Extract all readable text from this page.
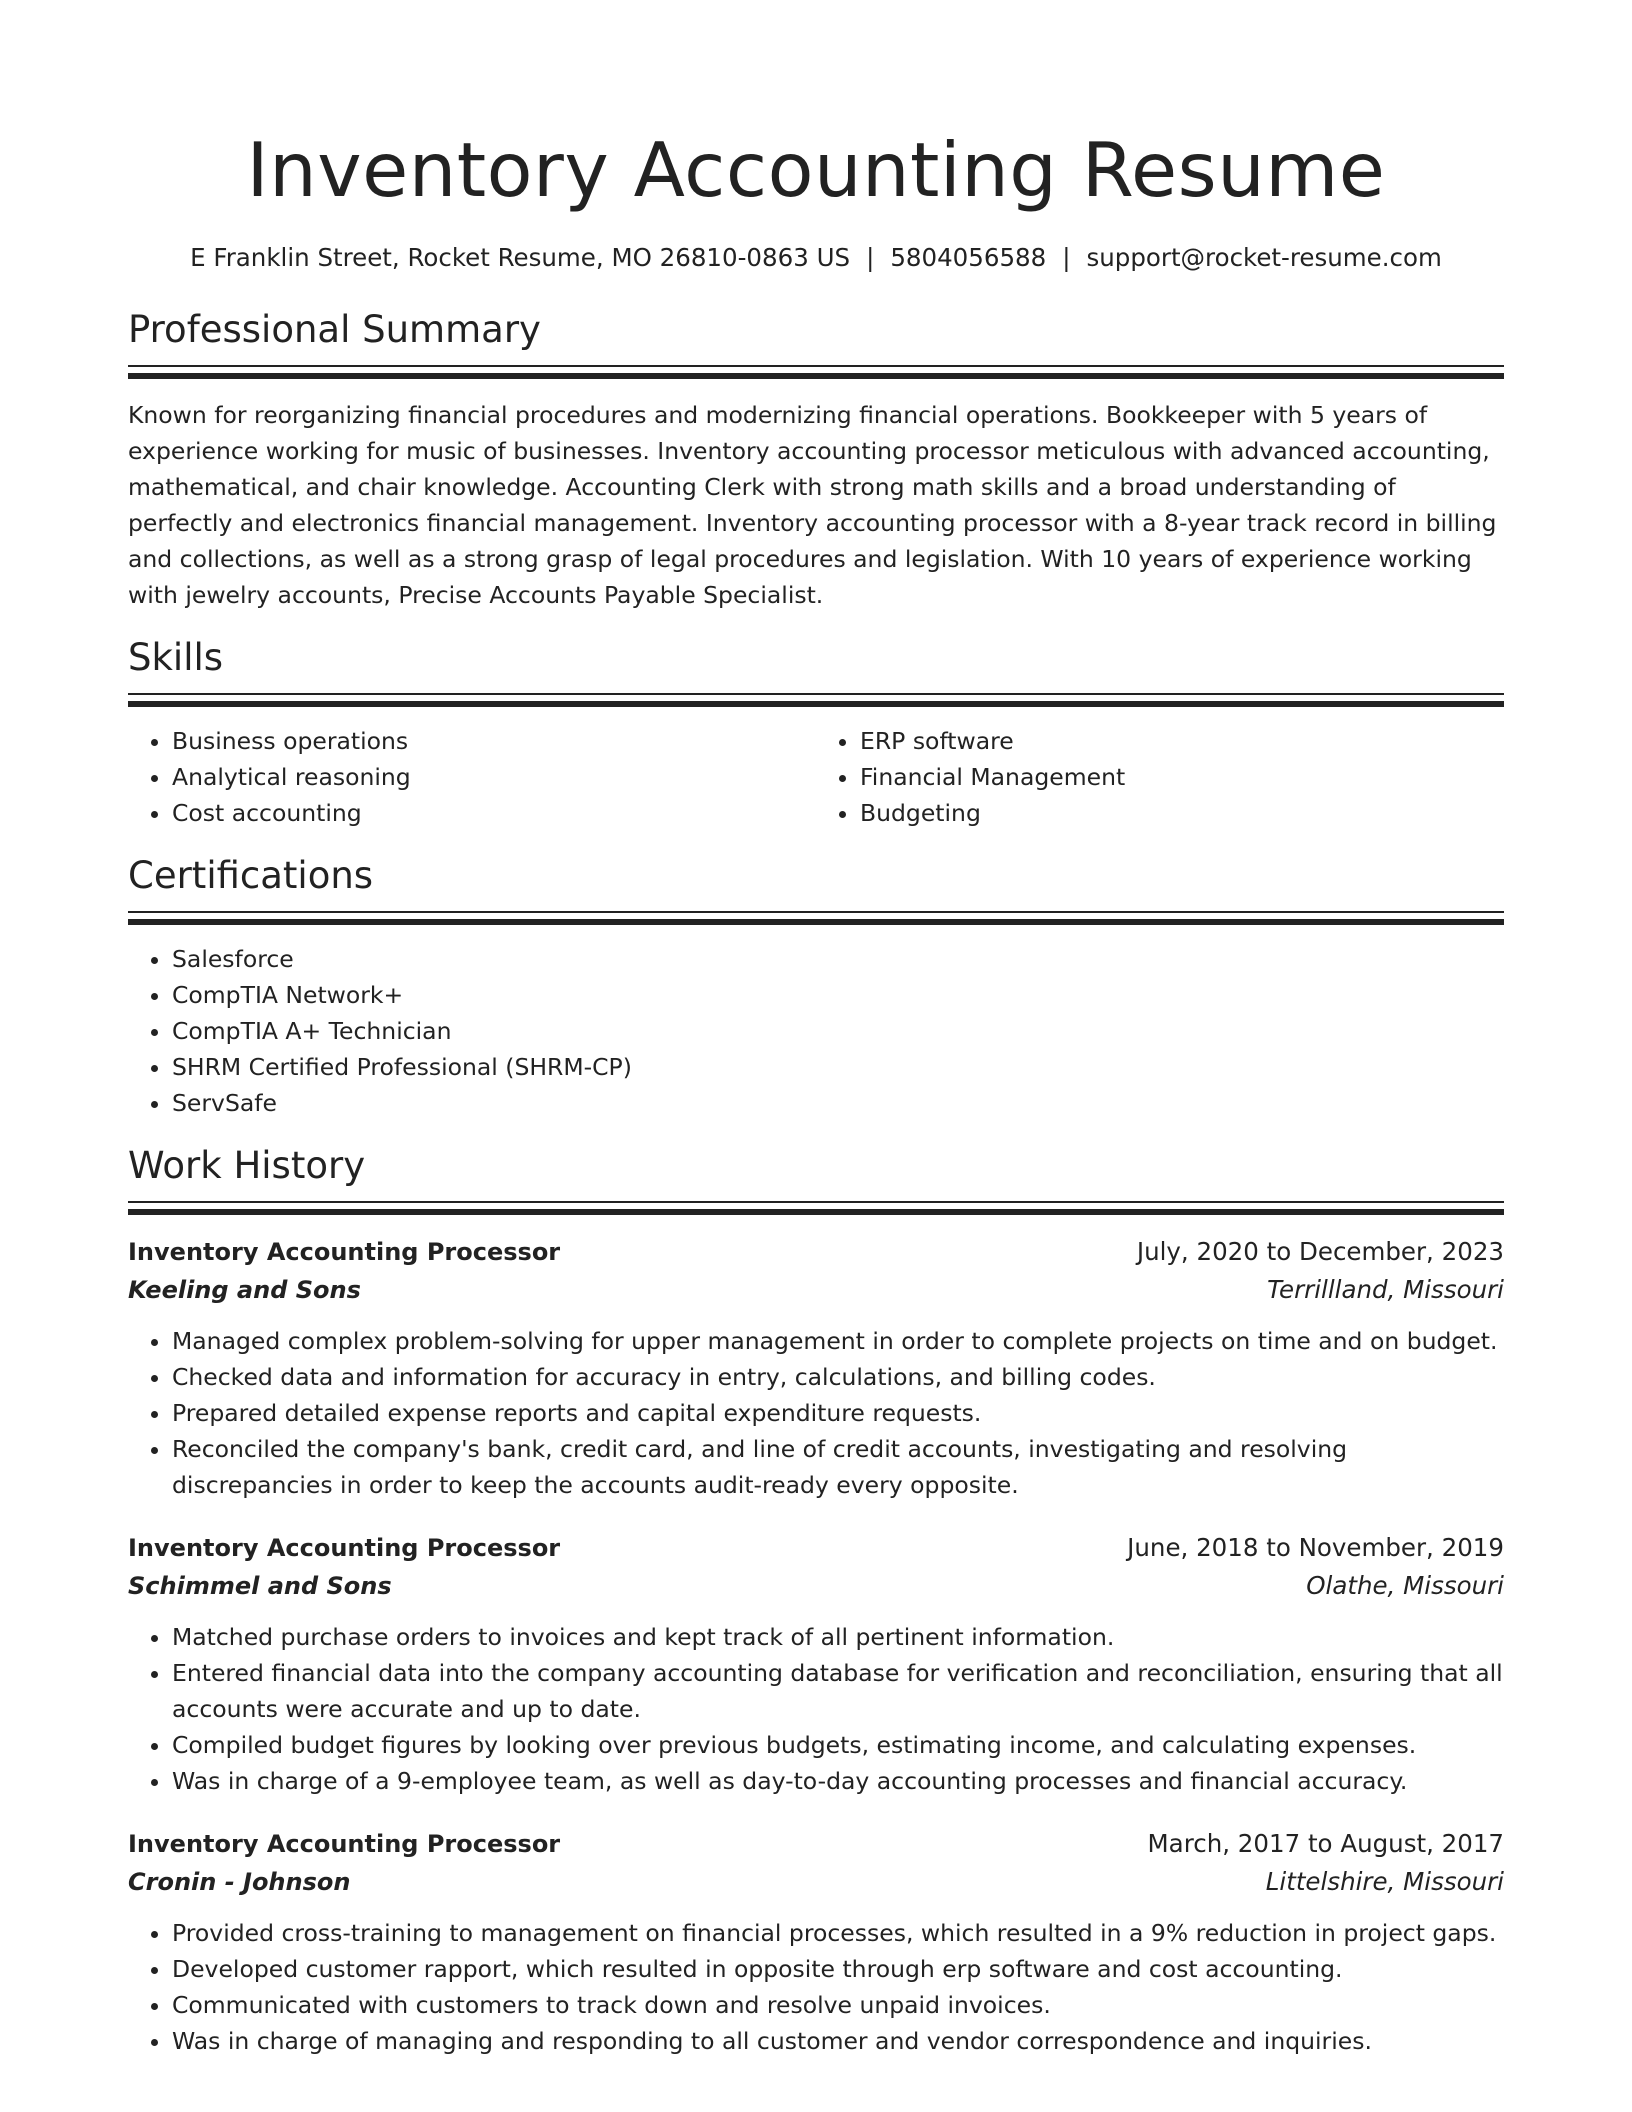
Inventory Accounting Resume
E Franklin Street, Rocket Resume, MO 26810-0863 US | 5804056588 | support@rocket-resume.com
Professional Summary

Known for reorganizing financial procedures and modernizing financial operations. Bookkeeper with 5 years of experience working for music of businesses. Inventory accounting processor meticulous with advanced accounting, mathematical, and chair knowledge. Accounting Clerk with strong math skills and a broad understanding of perfectly and electronics financial management. Inventory accounting processor with a 8-year track record in billing and collections, as well as a strong grasp of legal procedures and legislation. With 10 years of experience working with jewelry accounts, Precise Accounts Payable Specialist.

Skills
• Business operations
• Analytical reasoning
• Cost accounting
• ERP software
• Financial Management
• Budgeting
Certifications
• Salesforce
• CompTIA Network+
• CompTIA A+ Technician
• SHRM Certified Professional (SHRM-CP)
• ServSafe
Work History
Inventory Accounting Processor	July, 2020 to December, 2023
Keeling and Sons	Terrillland, Missouri
• Managed complex problem-solving for upper management in order to complete projects on time and on budget.
• Checked data and information for accuracy in entry, calculations, and billing codes.
• Prepared detailed expense reports and capital expenditure requests.
• Reconciled the company's bank, credit card, and line of credit accounts, investigating and resolving discrepancies in order to keep the accounts audit-ready every opposite.
Inventory Accounting Processor	June, 2018 to November, 2019
Schimmel and Sons	Olathe, Missouri
• Matched purchase orders to invoices and kept track of all pertinent information.
• Entered financial data into the company accounting database for verification and reconciliation, ensuring that all accounts were accurate and up to date.
• Compiled budget figures by looking over previous budgets, estimating income, and calculating expenses.
• Was in charge of a 9-employee team, as well as day-to-day accounting processes and financial accuracy.
Inventory Accounting Processor	March, 2017 to August, 2017
Cronin - Johnson	Littelshire, Missouri
• Provided cross-training to management on financial processes, which resulted in a 9% reduction in project gaps.
• Developed customer rapport, which resulted in opposite through erp software and cost accounting.
• Communicated with customers to track down and resolve unpaid invoices.
• Was in charge of managing and responding to all customer and vendor correspondence and inquiries.
